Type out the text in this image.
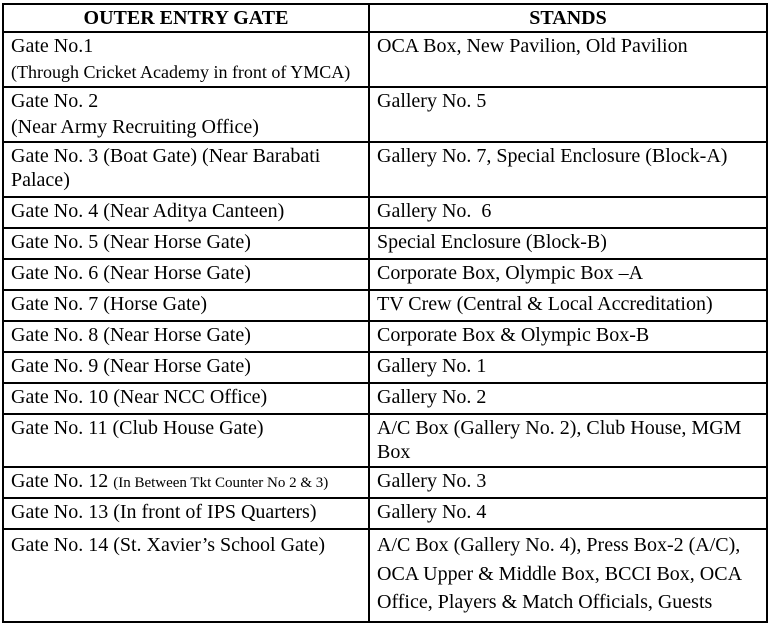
OUTER ENTRY GATE	STANDS
Gate No.1
(Through Cricket Academy in front of YMCA)	OCA Box, New Pavilion, Old Pavilion
Gate No. 2
(Near Army Recruiting Office)	Gallery No. 5
Gate No. 3 (Boat Gate) (Near Barabati Palace)	Gallery No. 7, Special Enclosure (Block-A)
Gate No. 4 (Near Aditya Canteen)	Gallery No.  6
Gate No. 5 (Near Horse Gate)	Special Enclosure (Block-B)
Gate No. 6 (Near Horse Gate)	Corporate Box, Olympic Box –A
Gate No. 7 (Horse Gate)	TV Crew (Central & Local Accreditation)
Gate No. 8 (Near Horse Gate)	Corporate Box & Olympic Box-B
Gate No. 9 (Near Horse Gate)	Gallery No. 1
Gate No. 10 (Near NCC Office)	Gallery No. 2
Gate No. 11 (Club House Gate)	A/C Box (Gallery No. 2), Club House, MGM Box
Gate No. 12 (In Between Tkt Counter No 2 & 3)	Gallery No. 3
Gate No. 13 (In front of IPS Quarters)	Gallery No. 4
Gate No. 14 (St. Xavier’s School Gate)	A/C Box (Gallery No. 4), Press Box-2 (A/C), OCA Upper & Middle Box, BCCI Box, OCA Office, Players & Match Officials, Guests
